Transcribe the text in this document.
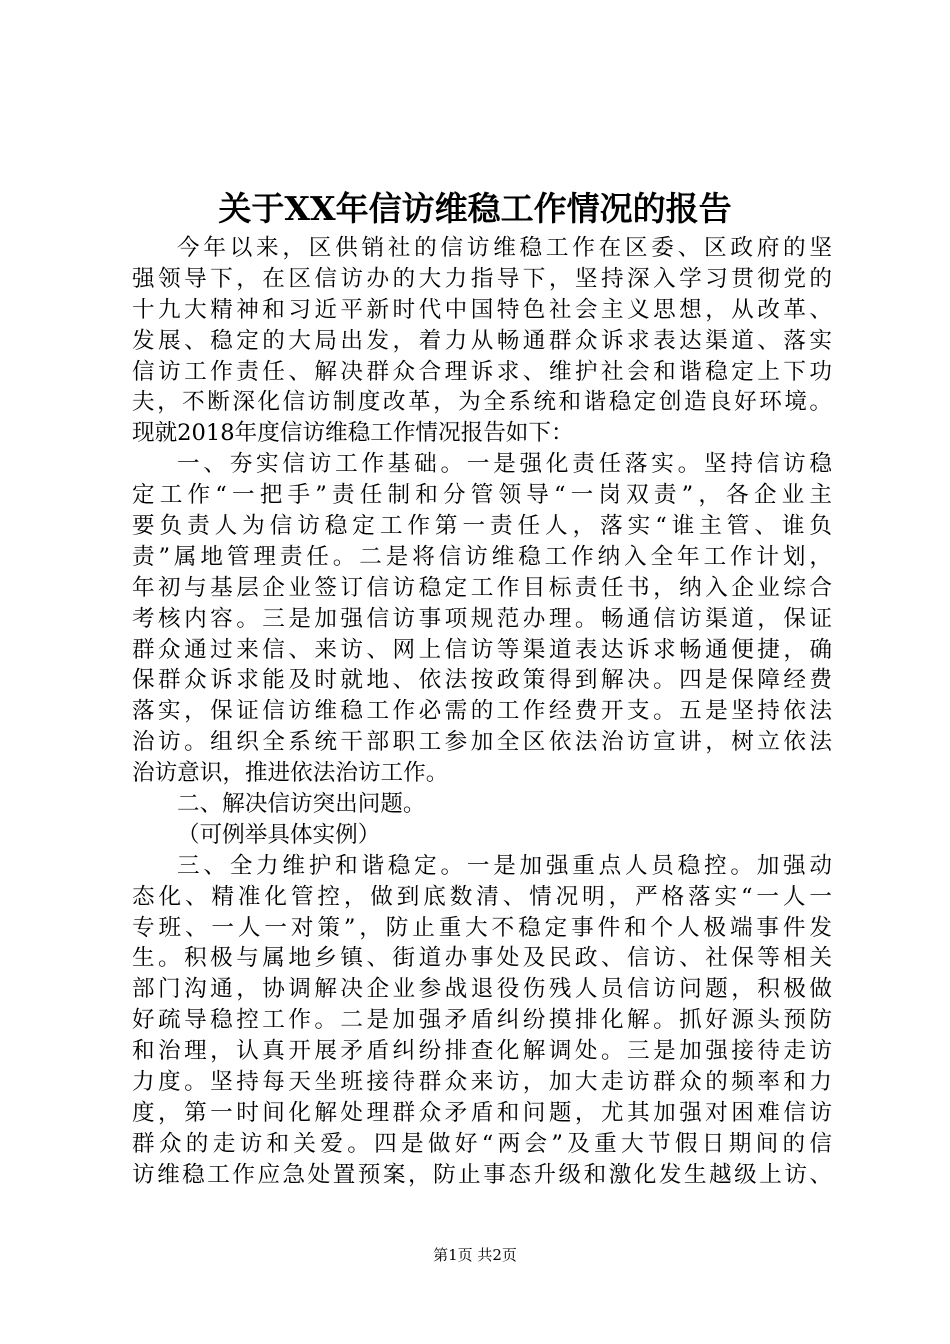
关于XX年信访维稳工作情况的报告
今年以来，区供销社的信访维稳工作在区委、区政府的坚
强领导下，在区信访办的大力指导下，坚持深入学习贯彻党的
十九大精神和习近平新时代中国特色社会主义思想，从改革、
发展、稳定的大局出发，着力从畅通群众诉求表达渠道、落实
信访工作责任、解决群众合理诉求、维护社会和谐稳定上下功
夫，不断深化信访制度改革，为全系统和谐稳定创造良好环境。
现就2018年度信访维稳工作情况报告如下：
一、夯实信访工作基础。一是强化责任落实。坚持信访稳
定工作“一把手”责任制和分管领导“一岗双责”，各企业主
要负责人为信访稳定工作第一责任人，落实“谁主管、谁负
责”属地管理责任。二是将信访维稳工作纳入全年工作计划，
年初与基层企业签订信访稳定工作目标责任书，纳入企业综合
考核内容。三是加强信访事项规范办理。畅通信访渠道，保证
群众通过来信、来访、网上信访等渠道表达诉求畅通便捷，确
保群众诉求能及时就地、依法按政策得到解决。四是保障经费
落实，保证信访维稳工作必需的工作经费开支。五是坚持依法
治访。组织全系统干部职工参加全区依法治访宣讲，树立依法
治访意识，推进依法治访工作。
二、解决信访突出问题。
（可例举具体实例）
三、全力维护和谐稳定。一是加强重点人员稳控。加强动
态化、精准化管控，做到底数清、情况明，严格落实“一人一
专班、一人一对策”，防止重大不稳定事件和个人极端事件发
生。积极与属地乡镇、街道办事处及民政、信访、社保等相关
部门沟通，协调解决企业参战退役伤残人员信访问题，积极做
好疏导稳控工作。二是加强矛盾纠纷摸排化解。抓好源头预防
和治理，认真开展矛盾纠纷排查化解调处。三是加强接待走访
力度。坚持每天坐班接待群众来访，加大走访群众的频率和力
度，第一时间化解处理群众矛盾和问题，尤其加强对困难信访
群众的走访和关爱。四是做好“两会”及重大节假日期间的信
访维稳工作应急处置预案，防止事态升级和激化发生越级上访、
第1页 共2页
